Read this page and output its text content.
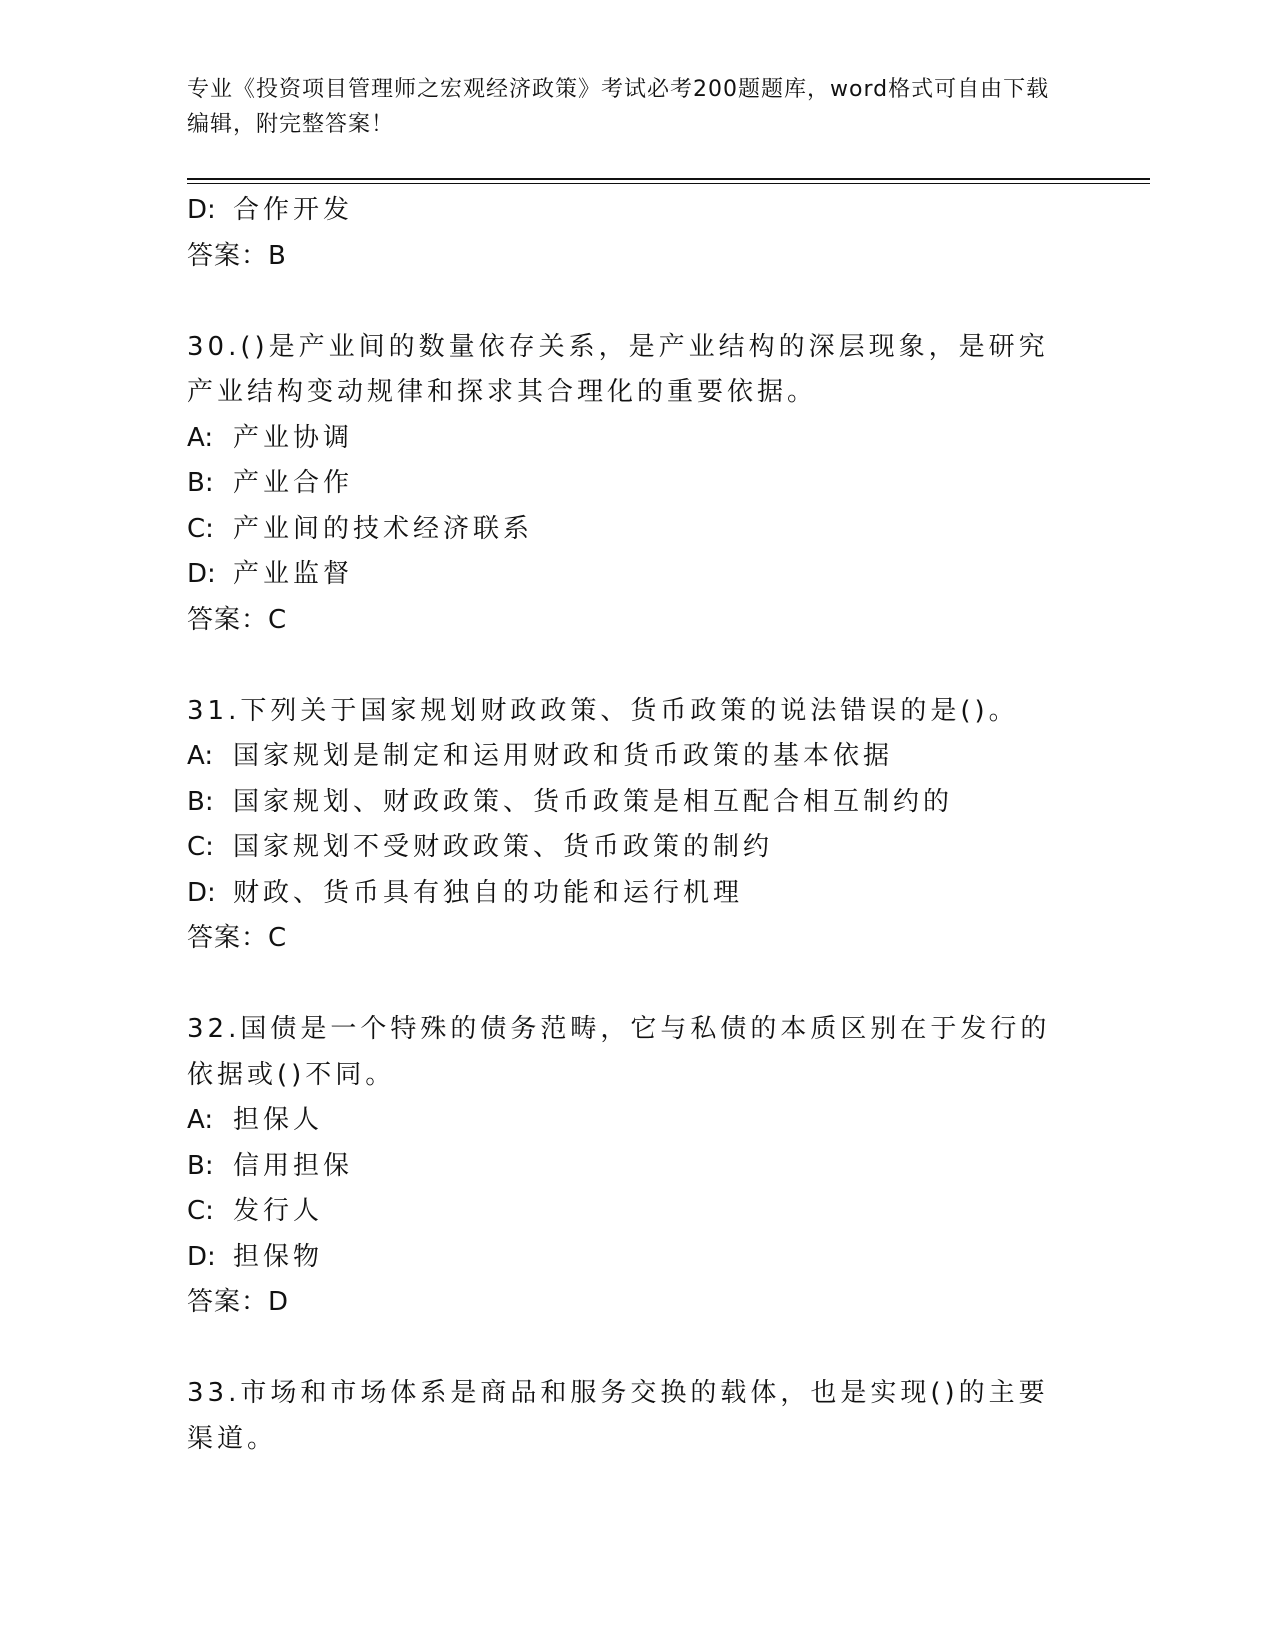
专业《投资项目管理师之宏观经济政策》考试必考200题题库，word格式可自由下载编辑，附完整答案！
D: 合作开发
答案：B
30.()是产业间的数量依存关系，是产业结构的深层现象，是研究产业结构变动规律和探求其合理化的重要依据。
A: 产业协调
B: 产业合作
C: 产业间的技术经济联系
D: 产业监督
答案：C
31.下列关于国家规划财政政策、货币政策的说法错误的是()。
A: 国家规划是制定和运用财政和货币政策的基本依据
B: 国家规划、财政政策、货币政策是相互配合相互制约的
C: 国家规划不受财政政策、货币政策的制约
D: 财政、货币具有独自的功能和运行机理
答案：C
32.国债是一个特殊的债务范畴，它与私债的本质区别在于发行的依据或()不同。
A: 担保人
B: 信用担保
C: 发行人
D: 担保物
答案：D
33.市场和市场体系是商品和服务交换的载体，也是实现()的主要渠道。
